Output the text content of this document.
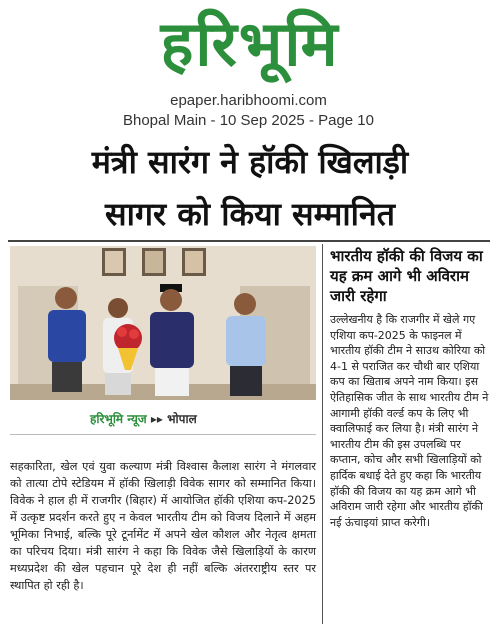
हरिभूमि
epaper.haribhoomi.com
Bhopal Main - 10 Sep 2025 - Page 10
मंत्री सारंग ने हॉकी खिलाड़ी
सागर को किया सम्मानित
हरिभूमि न्यूज ▸▸ भोपाल
सहकारिता, खेल एवं युवा कल्याण मंत्री विश्वास कैलाश सारंग ने मंगलवार को तात्या टोपे स्टेडियम में हॉकी खिलाड़ी विवेक सागर को सम्मानित किया। विवेक ने हाल ही में राजगीर (बिहार) में आयोजित हॉकी एशिया कप-2025 में उत्कृष्ट प्रदर्शन करते हुए न केवल भारतीय टीम को विजय दिलाने में अहम भूमिका निभाई, बल्कि पूरे टूर्नामेंट में अपने खेल कौशल और नेतृत्व क्षमता का परिचय दिया। मंत्री सारंग ने कहा कि विवेक जैसे खिलाड़ियों के कारण मध्यप्रदेश की खेल पहचान पूरे देश ही नहीं बल्कि अंतरराष्ट्रीय स्तर पर स्थापित हो रही है।
भारतीय हॉकी की विजय का यह क्रम आगे भी अविराम जारी रहेगा
उल्लेखनीय है कि राजगीर में खेले गए एशिया कप-2025 के फाइनल में भारतीय हॉकी टीम ने साउथ कोरिया को 4-1 से पराजित कर चौथी बार एशिया कप का खिताब अपने नाम किया। इस ऐतिहासिक जीत के साथ भारतीय टीम ने आगामी हॉकी वर्ल्ड कप के लिए भी क्वालिफाई कर लिया है। मंत्री सारंग ने भारतीय टीम की इस उपलब्धि पर कप्तान, कोच और सभी खिलाड़ियों को हार्दिक बधाई देते हुए कहा कि भारतीय हॉकी की विजय का यह क्रम आगे भी अविराम जारी रहेगा और भारतीय हॉकी नई ऊंचाइयां प्राप्त करेगी।
